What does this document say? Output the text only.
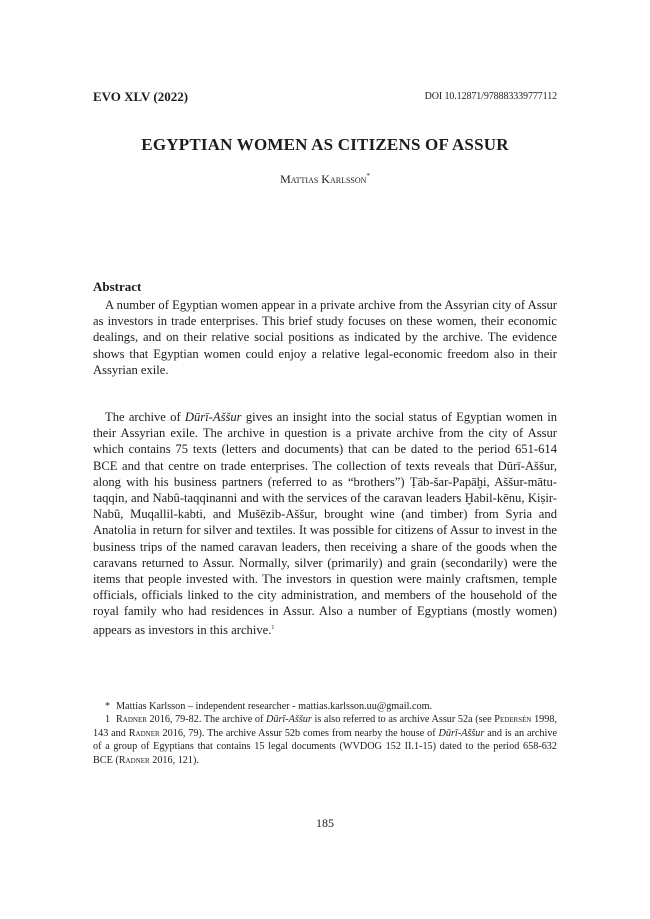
EVO XLV (2022)	DOI 10.12871/978883339777112
EGYPTIAN WOMEN AS CITIZENS OF ASSUR
Mattias Karlsson*
Abstract

A number of Egyptian women appear in a private archive from the Assyrian city of Assur as investors in trade enterprises. This brief study focuses on these women, their economic dealings, and on their relative social positions as indicated by the archive. The evidence shows that Egyptian women could enjoy a relative legal-economic freedom also in their Assyrian exile.

The archive of Dūrī-Aššur gives an insight into the social status of Egyptian women in their Assyrian exile. The archive in question is a private archive from the city of Assur which contains 75 texts (letters and documents) that can be dated to the period 651-614 BCE and that centre on trade enterprises. The collection of texts reveals that Dūrī-Aššur, along with his business partners (referred to as “brothers”) Ṭāb-šar-Papāḫi, Aššur-mātu-taqqin, and Nabû-taqqinanni and with the services of the caravan leaders Ḫabil-kēnu, Kiṣir-Nabû, Muqallil-kabti, and Mušēzib-Aššur, brought wine (and timber) from Syria and Anatolia in return for silver and textiles. It was possible for citizens of Assur to invest in the business trips of the named caravan leaders, then receiving a share of the goods when the caravans returned to Assur. Normally, silver (primarily) and grain (secondarily) were the items that people invested with. The investors in question were mainly craftsmen, temple officials, officials linked to the city administration, and members of the household of the royal family who had residences in Assur. Also a number of Egyptians (mostly women) appears as investors in this archive.$^1$

* Mattias Karlsson – independent researcher - mattias.karlsson.uu@gmail.com.

1 Radner 2016, 79-82. The archive of Dūrī-Aššur is also referred to as archive Assur 52a (see Pedersén 1998, 143 and Radner 2016, 79). The archive Assur 52b comes from nearby the house of Dūrī-Aššur and is an archive of a group of Egyptians that contains 15 legal documents (WVDOG 152 II.1-15) dated to the period 658-632 BCE (Radner 2016, 121).

185
